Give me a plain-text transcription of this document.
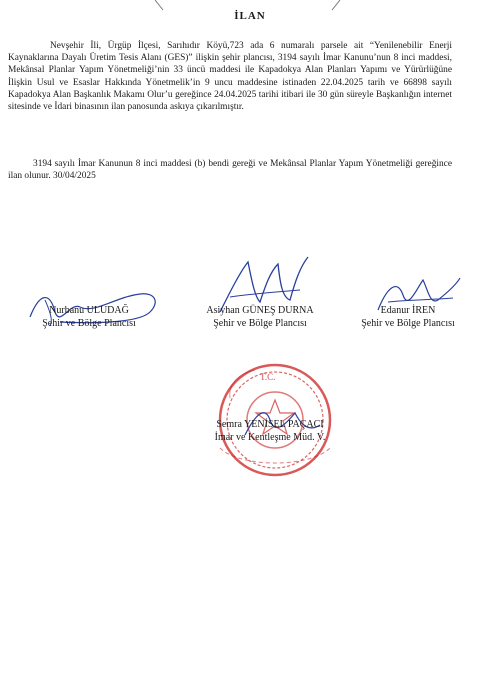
İLAN

Nevşehir İli, Ürgüp İlçesi, Sarıhıdır Köyü,723 ada 6 numaralı parsele ait “Yenilenebilir Enerji Kaynaklarına Dayalı Üretim Tesis Alanı (GES)” ilişkin şehir plancısı, 3194 sayılı İmar Kanunu’nun 8 inci maddesi, Mekânsal Planlar Yapım Yönetmeliği’nin 33 üncü maddesi ile Kapadokya Alan Planları Yapımı ve Yürürlüğüne İlişkin Usul ve Esaslar Hakkında Yönetmelik’in 9 uncu maddesine istinaden 22.04.2025 tarih ve 66898 sayılı Kapadokya Alan Başkanlık Makamı Olur’u gereğince 24.04.2025 tarihi itibari ile 30 gün süreyle Başkanlığın internet sitesinde ve İdari binasının ilan panosunda askıya çıkarılmıştır.

3194 sayılı İmar Kanunun 8 inci maddesi (b) bendi gereği ve Mekânsal Planlar Yapım Yönetmeliği gereğince ilan olunur. 30/04/2025

T.C.
Nurbanu ULUDAĞ
Şehir ve Bölge Plancısı
Asiyhan GÜNEŞ DURNA
Şehir ve Bölge Plancısı
Edanur İREN
Şehir ve Bölge Plancısı
Semra YENİSEL PAÇACI
İmar ve Kentleşme Müd. V.
